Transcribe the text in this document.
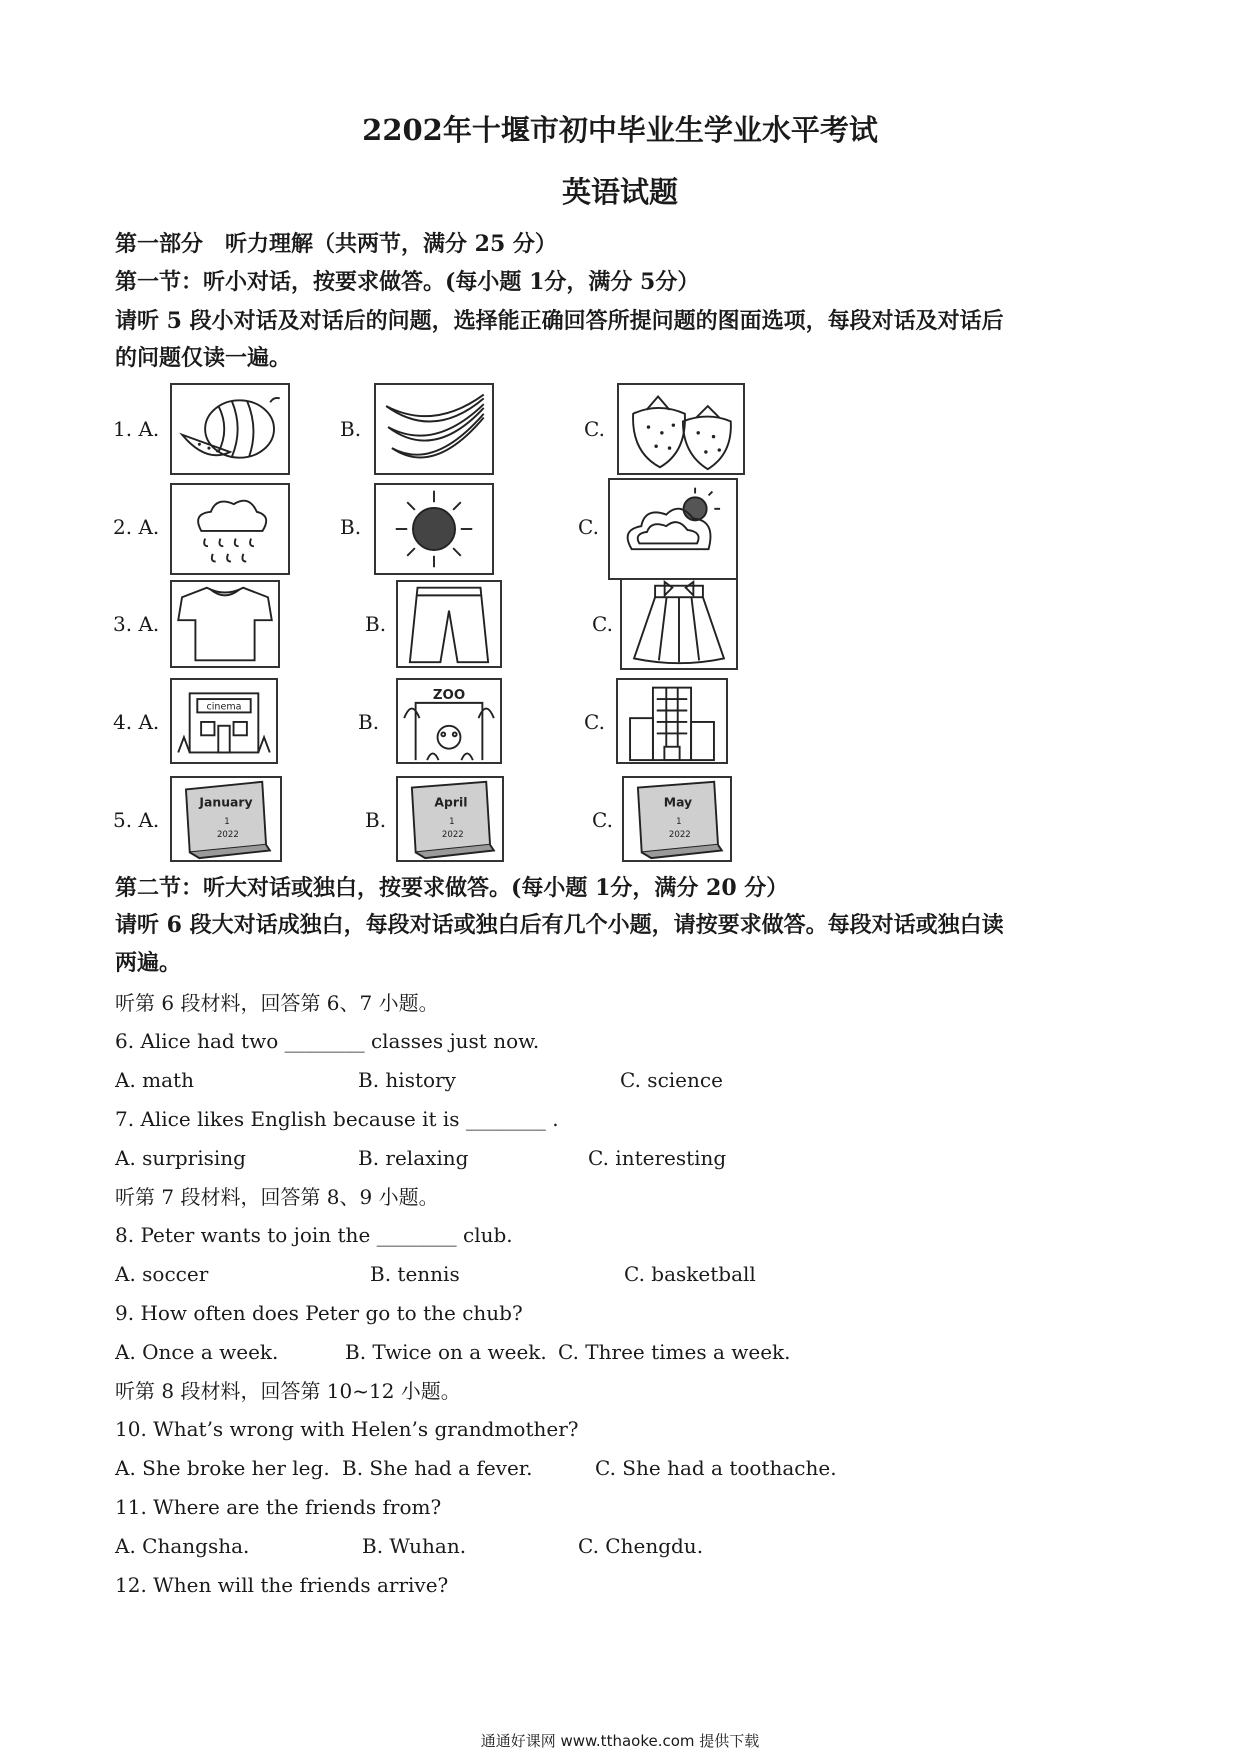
2202年十堰市初中毕业生学业水平考试
英语试题
第一部分　听力理解（共两节，满分 25 分）
第一节：听小对话，按要求做答。(每小题 1分，满分 5分）
请听 5 段小对话及对话后的问题，选择能正确回答所提问题的图面选项，每段对话及对话后
的问题仅读一遍。
1. A.	B.	C.
2. A.	B.	C.
3. A.	B.	C.
4. A.	B.	C.
cinema
ZOO
5. A.	B.	C.
January
1
2022
April
1
2022
May
1
2022
第二节：听大对话或独白，按要求做答。(每小题 1分，满分 20 分）
请听 6 段大对话成独白，每段对话或独白后有几个小题，请按要求做答。每段对话或独白读
两遍。
听第 6 段材料，回答第 6、7 小题。
6. Alice had two ________ classes just now.
A. math	B. history	C. science
7. Alice likes English because it is ________ .
A. surprising	B. relaxing	C. interesting
听第 7 段材料，回答第 8、9 小题。
8. Peter wants to join the ________ club.
A. soccer	B. tennis	C. basketball
9. How often does Peter go to the chub?
A. Once a week.	B. Twice on a week. C. Three times a week.
听第 8 段材料，回答第 10~12 小题。
10. What’s wrong with Helen’s grandmother?
A. She broke her leg. B. She had a fever.	C. She had a toothache.
11. Where are the friends from?
A. Changsha.	B. Wuhan.	C. Chengdu.
12. When will the friends arrive?
通通好课网 www.tthaoke.com 提供下载
